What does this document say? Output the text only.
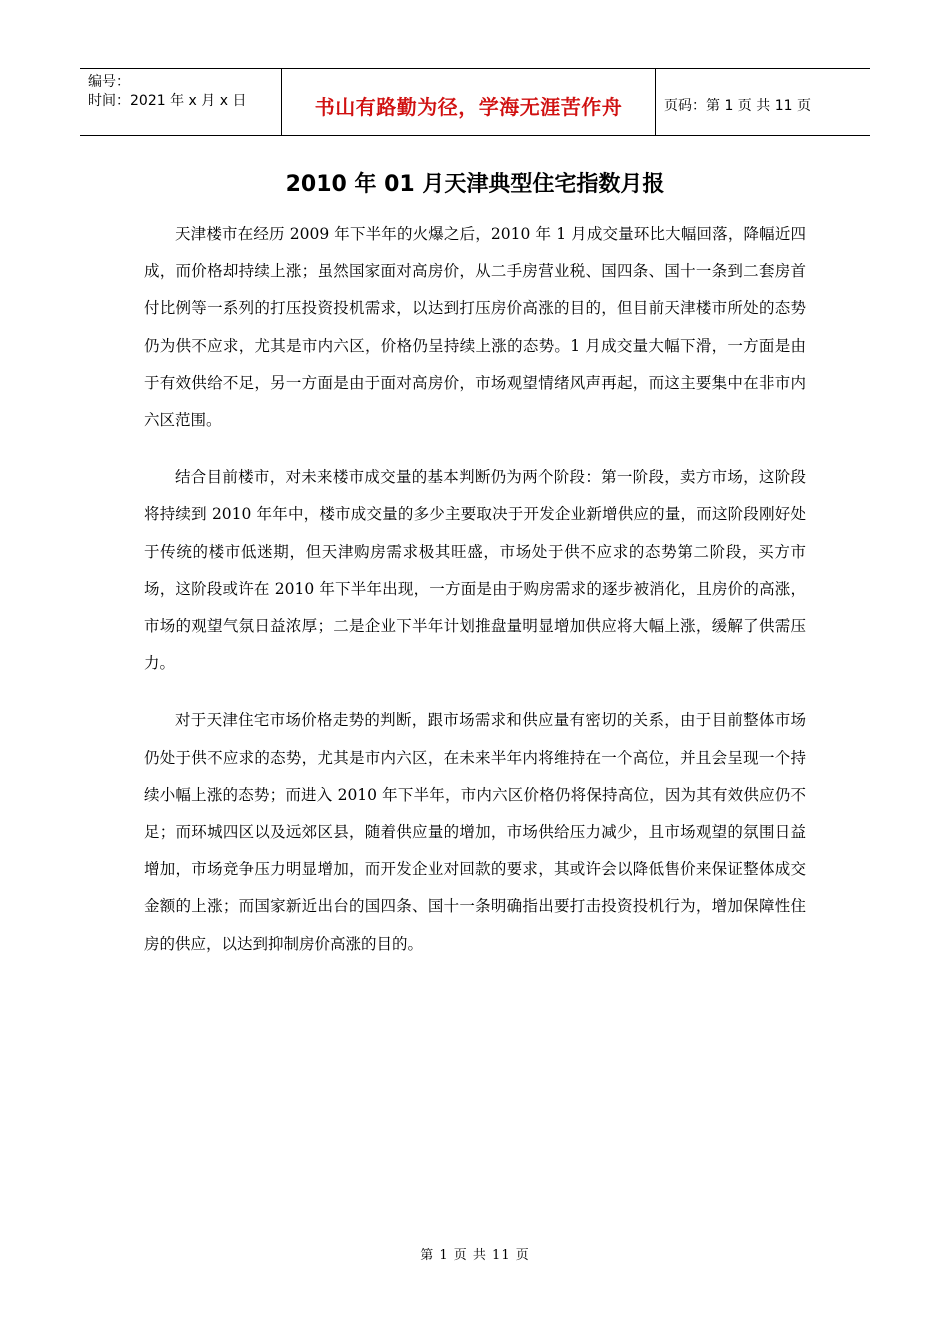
编号：
时间：2021 年 x 月 x 日	书山有路勤为径，学海无涯苦作舟	页码：第 1 页 共 11 页
2010 年 01 月天津典型住宅指数月报

天津楼市在经历 2009 年下半年的火爆之后，2010 年 1 月成交量环比大幅回落，降幅近四成，而价格却持续上涨；虽然国家面对高房价，从二手房营业税、国四条、国十一条到二套房首付比例等一系列的打压投资投机需求，以达到打压房价高涨的目的，但目前天津楼市所处的态势仍为供不应求，尤其是市内六区，价格仍呈持续上涨的态势。1 月成交量大幅下滑，一方面是由于有效供给不足，另一方面是由于面对高房价，市场观望情绪风声再起，而这主要集中在非市内六区范围。

结合目前楼市，对未来楼市成交量的基本判断仍为两个阶段：第一阶段，卖方市场，这阶段将持续到 2010 年年中，楼市成交量的多少主要取决于开发企业新增供应的量，而这阶段刚好处于传统的楼市低迷期，但天津购房需求极其旺盛，市场处于供不应求的态势第二阶段，买方市场，这阶段或许在 2010 年下半年出现，一方面是由于购房需求的逐步被消化，且房价的高涨，市场的观望气氛日益浓厚；二是企业下半年计划推盘量明显增加供应将大幅上涨，缓解了供需压力。

对于天津住宅市场价格走势的判断，跟市场需求和供应量有密切的关系，由于目前整体市场仍处于供不应求的态势，尤其是市内六区，在未来半年内将维持在一个高位，并且会呈现一个持续小幅上涨的态势；而进入 2010 年下半年，市内六区价格仍将保持高位，因为其有效供应仍不足；而环城四区以及远郊区县，随着供应量的增加，市场供给压力减少，且市场观望的氛围日益增加，市场竞争压力明显增加，而开发企业对回款的要求，其或许会以降低售价来保证整体成交金额的上涨；而国家新近出台的国四条、国十一条明确指出要打击投资投机行为，增加保障性住房的供应，以达到抑制房价高涨的目的。

第 1 页 共 11 页
